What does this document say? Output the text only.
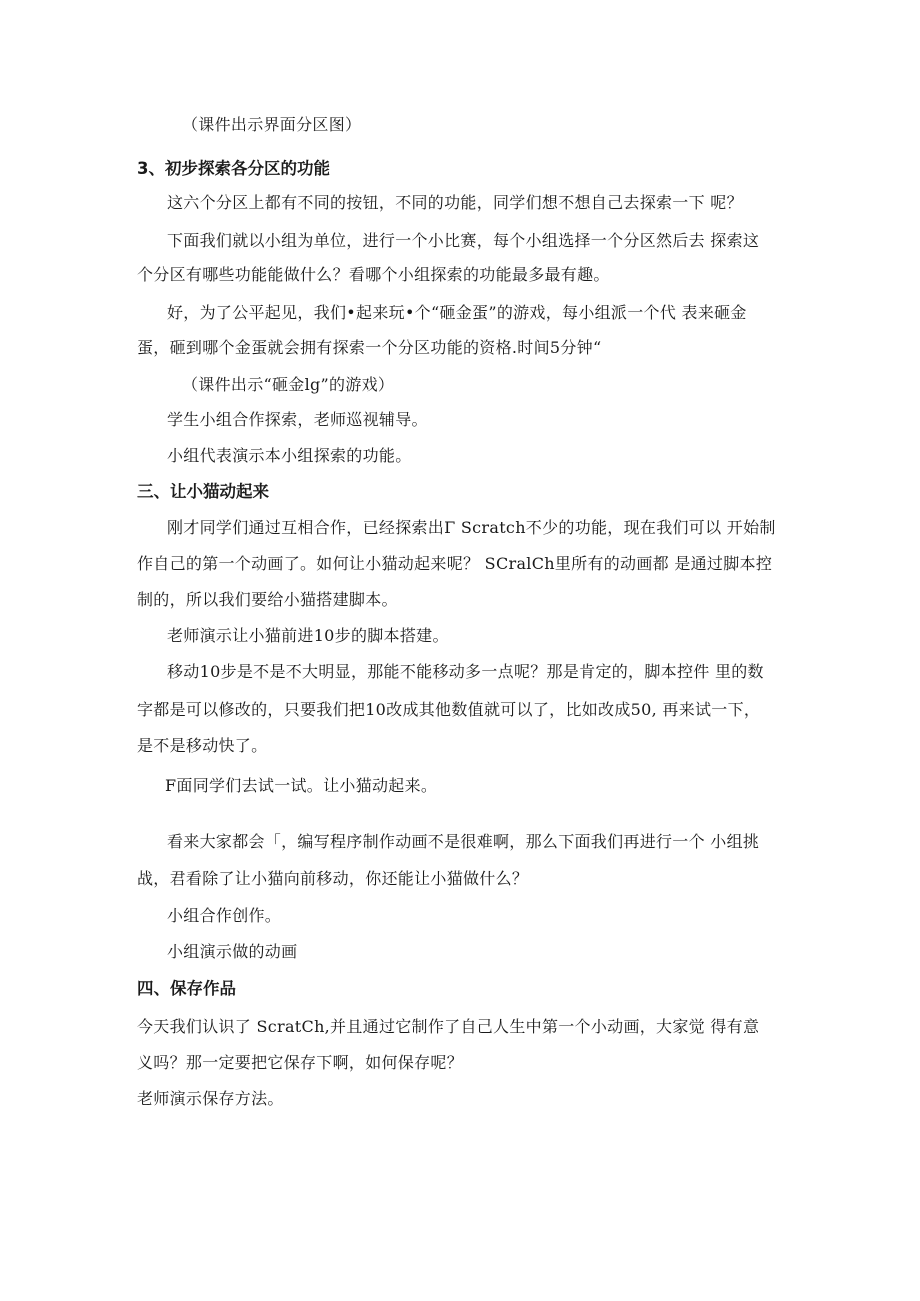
（课件出示界面分区图）
3、初步探索各分区的功能
这六个分区上都有不同的按钮，不同的功能，同学们想不想自己去探索一下 呢？
下面我们就以小组为单位，进行一个小比赛，每个小组选择一个分区然后去 探索这
个分区有哪些功能能做什么？看哪个小组探索的功能最多最有趣。
好，为了公平起见，我们•起来玩•个“砸金蛋”的游戏，每小组派一个代 表来砸金
蛋，砸到哪个金蛋就会拥有探索一个分区功能的资格.时间5分钟“
（课件出示“砸金lg”的游戏）
学生小组合作探索，老师巡视辅导。
小组代表演示本小组探索的功能。
三、让小猫动起来
刚才同学们通过互相合作，已经探索出Γ Scratch不少的功能，现在我们可以 开始制
作自己的第一个动画了。如何让小猫动起来呢？ SCralCh里所有的动画都 是通过脚本控
制的，所以我们要给小猫搭建脚本。
老师演示让小猫前进10步的脚本搭建。
移动10步是不是不大明显，那能不能移动多一点呢？那是肯定的，脚本控件 里的数
字都是可以修改的，只要我们把10改成其他数值就可以了，比如改成50, 再来试一下，
是不是移动快了。
F面同学们去试一试。让小猫动起来。
看来大家都会「，编写程序制作动画不是很难啊，那么下面我们再进行一个 小组挑
战，君看除了让小猫向前移动，你还能让小猫做什么？
小组合作创作。
小组演示做的动画
四、保存作品
今天我们认识了 ScratCh,并且通过它制作了自己人生中第一个小动画，大家觉 得有意
义吗？那一定要把它保存下啊，如何保存呢？
老师演示保存方法。
